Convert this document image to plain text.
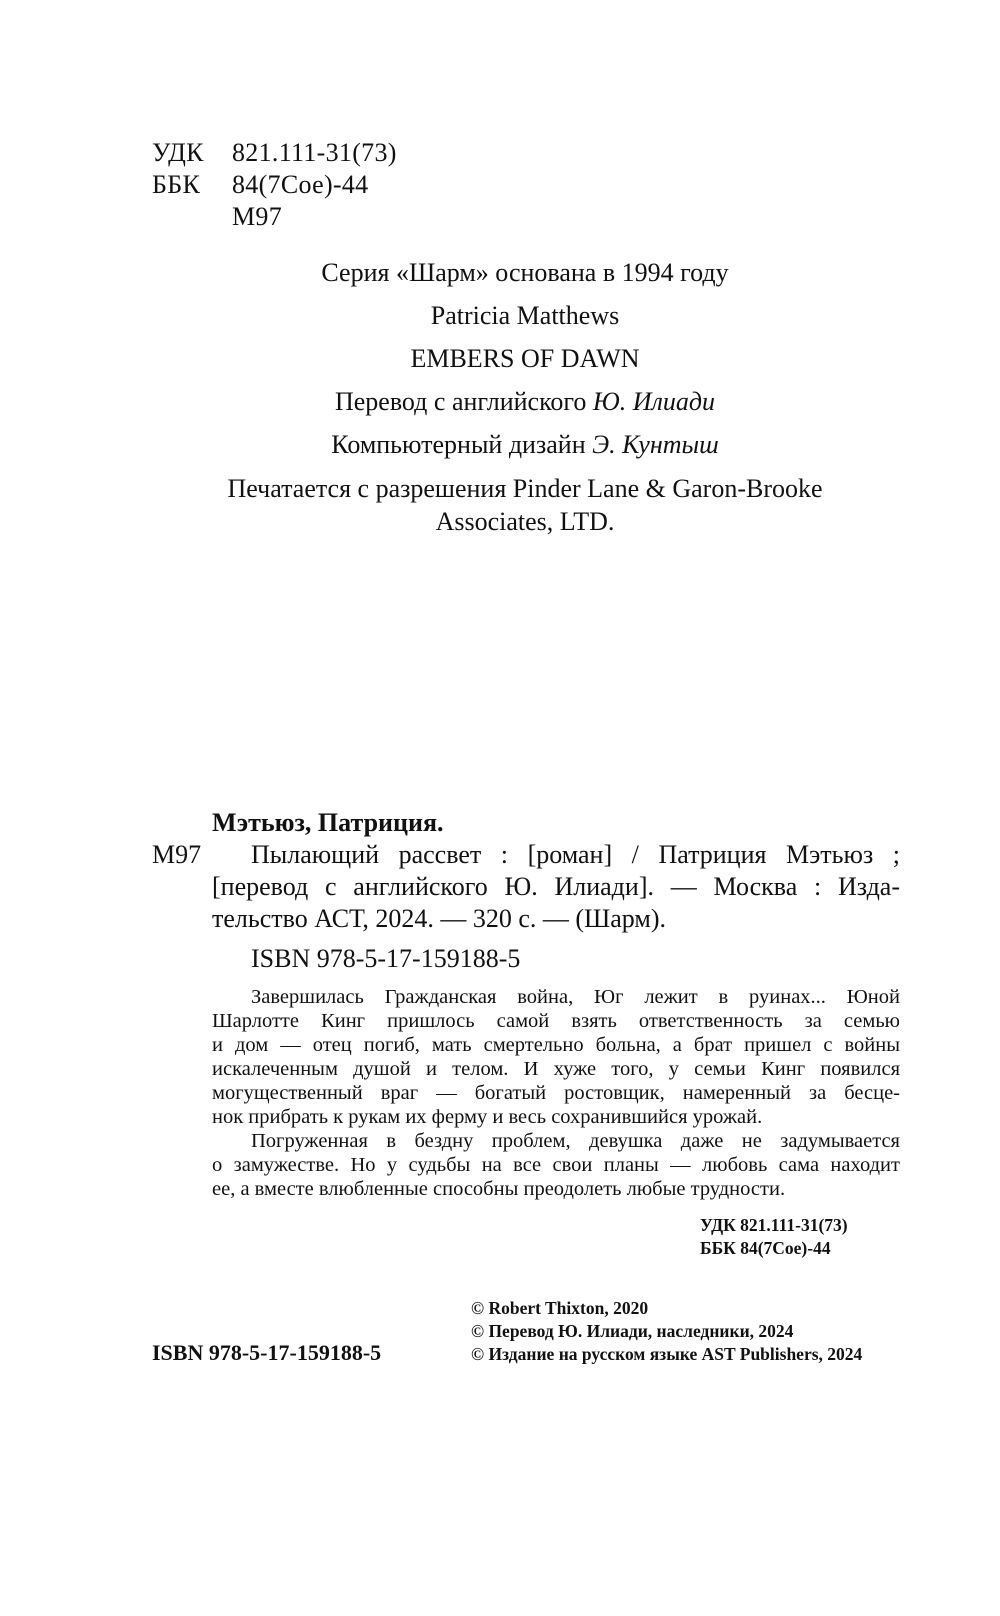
УДК 821.111-31(73)
ББК 84(7Сое)-44
М97
Серия «Шарм» основана в 1994 году
Patricia Matthews
EMBERS OF DAWN
Перевод с английского Ю. Илиади
Компьютерный дизайн Э. Кунтыш
Печатается с разрешения Pinder Lane & Garon-Brooke
Associates, LTD.
Мэтьюз, Патриция.
М97 Пылающий рассвет : [роман] / Патриция Мэтьюз ;
[перевод с английского Ю. Илиади]. — Москва : Изда-
тельство АСТ, 2024. — 320 с. — (Шарм).
ISBN 978-5-17-159188-5
Завершилась Гражданская война, Юг лежит в руинах... Юной
Шарлотте Кинг пришлось самой взять ответственность за семью
и дом — отец погиб, мать смертельно больна, а брат пришел с войны
искалеченным душой и телом. И хуже того, у семьи Кинг появился
могущественный враг — богатый ростовщик, намеренный за бесце-
нок прибрать к рукам их ферму и весь сохранившийся урожай.
Погруженная в бездну проблем, девушка даже не задумывается
о замужестве. Но у судьбы на все свои планы — любовь сама находит
ее, а вместе влюбленные способны преодолеть любые трудности.
УДК 821.111-31(73)
ББК 84(7Сое)-44
© Robert Thixton, 2020
© Перевод Ю. Илиади, наследники, 2024
© Издание на русском языке AST Publishers, 2024
ISBN 978-5-17-159188-5
